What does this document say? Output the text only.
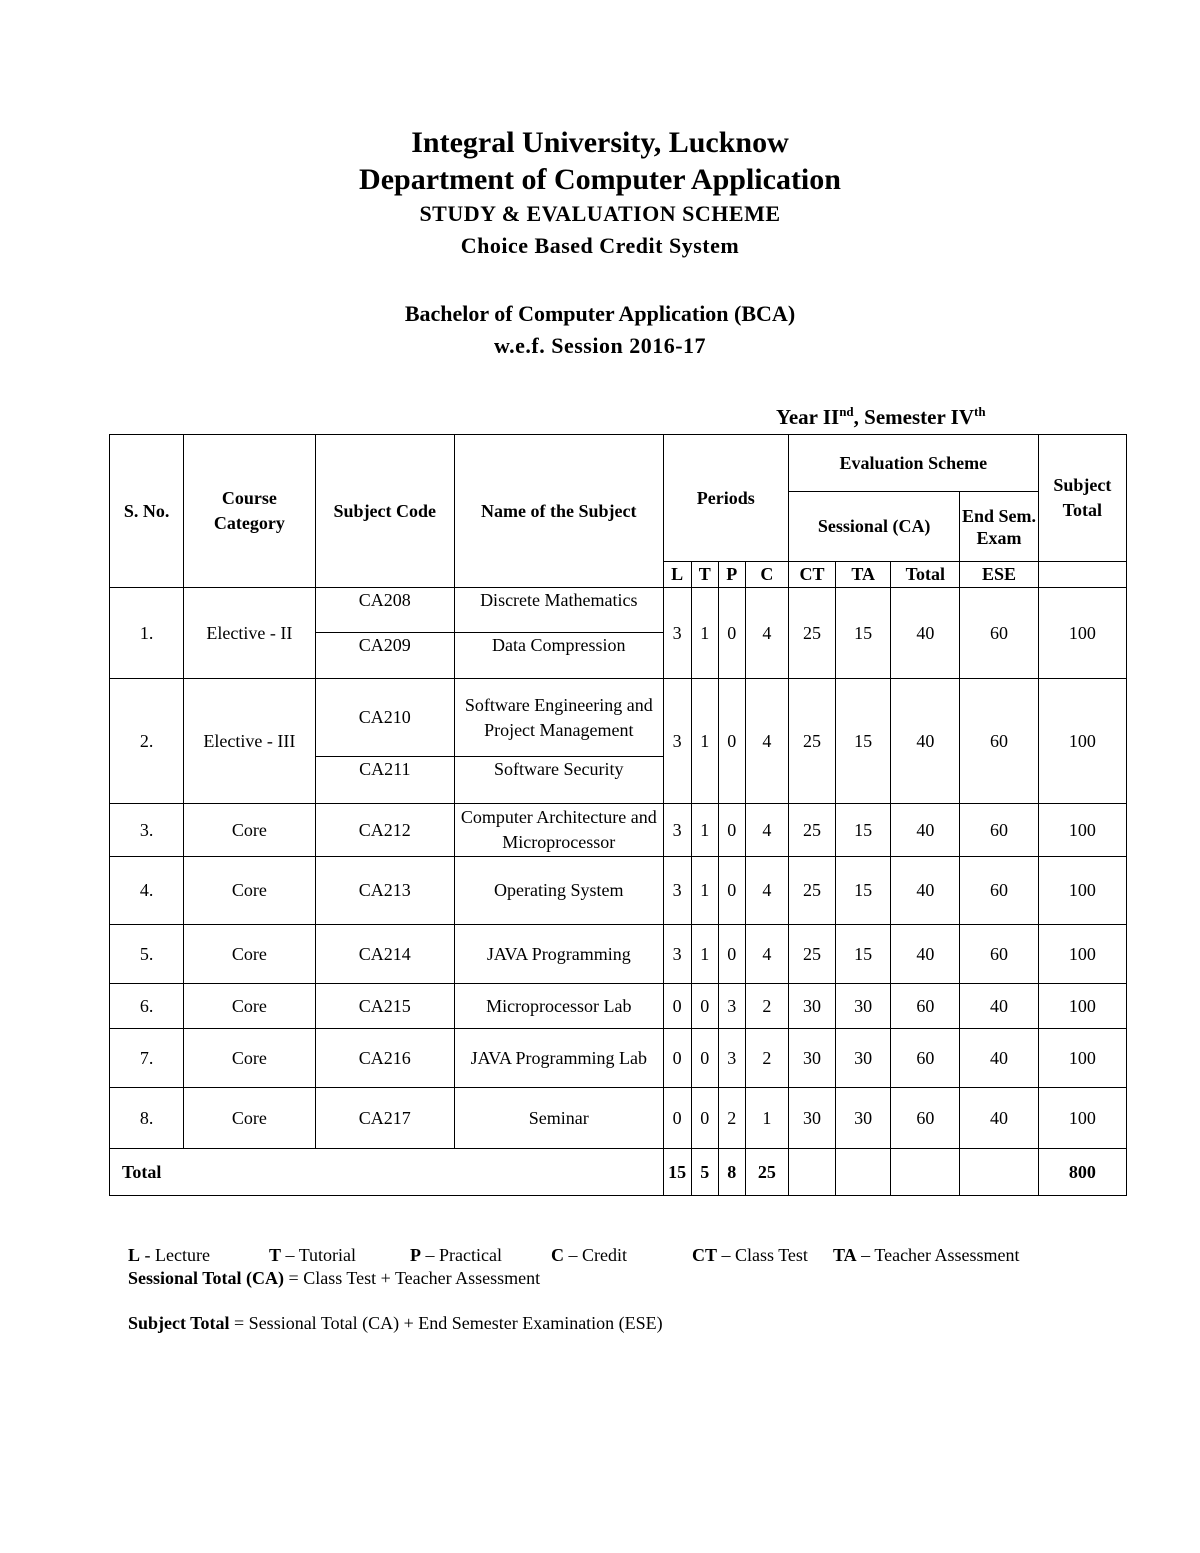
Integral University, Lucknow
Department of Computer Application
STUDY & EVALUATION SCHEME
Choice Based Credit System
Bachelor of Computer Application (BCA)
w.e.f. Session 2016-17
Year IInd, Semester IVth
S. No.	Course Category	Subject Code	Name of the Subject	Periods				Evaluation Scheme				Subject Total
								Sessional (CA)			End Sem. Exam	
				L	T	P	C	CT	TA	Total	ESE	
1.	Elective - II	CA208	Discrete Mathematics	3	1	0	4	25	15	40	60	100
		CA209	Data Compression									
2.	Elective - III	CA210	Software Engineering and Project Management	3	1	0	4	25	15	40	60	100
		CA211	Software Security									
3.	Core	CA212	Computer Architecture and Microprocessor	3	1	0	4	25	15	40	60	100
4.	Core	CA213	Operating System	3	1	0	4	25	15	40	60	100
5.	Core	CA214	JAVA Programming	3	1	0	4	25	15	40	60	100
6.	Core	CA215	Microprocessor Lab	0	0	3	2	30	30	60	40	100
7.	Core	CA216	JAVA Programming Lab	0	0	3	2	30	30	60	40	100
8.	Core	CA217	Seminar	0	0	2	1	30	30	60	40	100
Total				15	5	8	25					800
L - Lecture	T – Tutorial	P – Practical	C – Credit	CT – Class Test TA – Teacher Assessment
Sessional Total (CA) = Class Test + Teacher Assessment
Subject Total = Sessional Total (CA) + End Semester Examination (ESE)
